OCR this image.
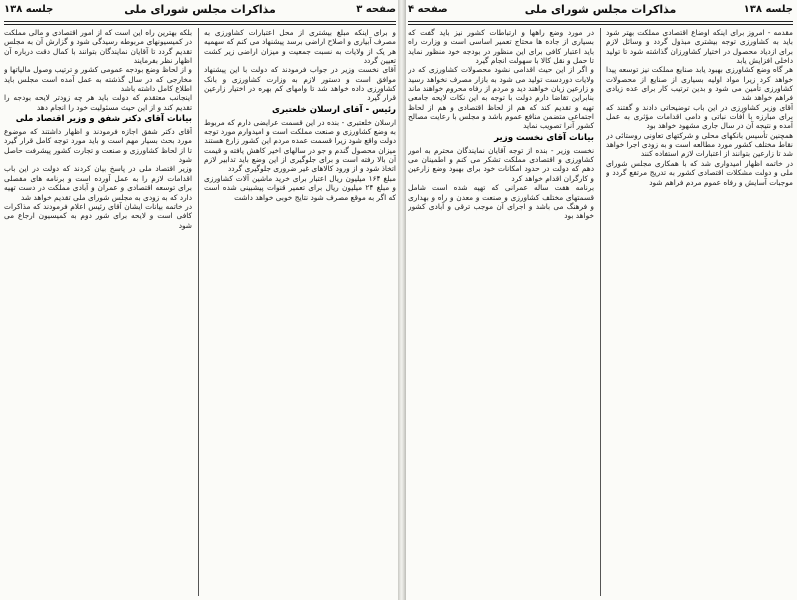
جلسه ۱۳۸	مذاکرات مجلس شورای ملی	صفحه ۳

بلکه بهترین راه این است که از امور اقتصادی و مالی مملکت در کمیسیونهای مربوطه رسیدگی شود و گزارش آن به مجلس تقدیم گردد تا آقایان نمایندگان بتوانند با کمال دقت درباره آن اظهار نظر بفرمایند

و از لحاظ وضع بودجه عمومی کشور و ترتیب وصول مالیاتها و مخارجی که در سال گذشته به عمل آمده است مجلس باید اطلاع کامل داشته باشد

اینجانب معتقدم که دولت باید هر چه زودتر لایحه بودجه را تقدیم کند و از این حیث مسئولیت خود را انجام دهد

بیانات آقای دکتر شفق و وزیر اقتصاد ملی

آقای دکتر شفق اجازه فرمودند و اظهار داشتند که موضوع مورد بحث بسیار مهم است و باید مورد توجه کامل قرار گیرد تا از لحاظ کشاورزی و صنعت و تجارت کشور پیشرفت حاصل شود

وزیر اقتصاد ملی در پاسخ بیان کردند که دولت در این باب اقدامات لازم را به عمل آورده است و برنامه های مفصلی برای توسعه اقتصادی و عمران و آبادی مملکت در دست تهیه دارد که به زودی به مجلس شورای ملی تقدیم خواهد شد

در خاتمه بیانات ایشان آقای رئیس اعلام فرمودند که مذاکرات کافی است و لایحه برای شور دوم به کمیسیون ارجاع می شود

و برای اینکه مبلغ بیشتری از محل اعتبارات کشاورزی به مصرف آبیاری و اصلاح اراضی برسد پیشنهاد می کنم که سهمیه هر یک از ولایات به نسبت جمعیت و میزان اراضی زیر کشت تعیین گردد

آقای نخست وزیر در جواب فرمودند که دولت با این پیشنهاد موافق است و دستور لازم به وزارت کشاورزی و بانک کشاورزی داده خواهد شد تا وامهای کم بهره در اختیار زارعین قرار گیرد

رئیس - آقای ارسلان خلعتبری

ارسلان خلعتبری - بنده در این قسمت عرایضی دارم که مربوط به وضع کشاورزی و صنعت مملکت است و امیدوارم مورد توجه دولت واقع شود زیرا قسمت عمده مردم این کشور زارع هستند

میزان محصول گندم و جو در سالهای اخیر کاهش یافته و قیمت آن بالا رفته است و برای جلوگیری از این وضع باید تدابیر لازم اتخاذ شود و از ورود کالاهای غیر ضروری جلوگیری گردد

مبلغ ۱۶۴ میلیون ریال اعتبار برای خرید ماشین آلات کشاورزی و مبلغ ۲۴ میلیون ریال برای تعمیر قنوات پیشبینی شده است که اگر به موقع مصرف شود نتایج خوبی خواهد داشت

صفحه ۴	مذاکرات مجلس شورای ملی	جلسه ۱۳۸

در مورد وضع راهها و ارتباطات کشور نیز باید گفت که بسیاری از جاده ها محتاج تعمیر اساسی است و وزارت راه باید اعتبار کافی برای این منظور در بودجه خود منظور نماید تا حمل و نقل کالا با سهولت انجام گیرد

و اگر از این حیث اقدامی نشود محصولات کشاورزی که در ولایات دوردست تولید می شود به بازار مصرف نخواهد رسید و زارعین زیان خواهند دید و مردم از رفاه محروم خواهند ماند

بنابراین تقاضا دارم دولت با توجه به این نکات لایحه جامعی تهیه و تقدیم کند که هم از لحاظ اقتصادی و هم از لحاظ اجتماعی متضمن منافع عموم باشد و مجلس با رعایت مصالح کشور آنرا تصویب نماید

بیانات آقای نخست وزیر

نخست وزیر - بنده از توجه آقایان نمایندگان محترم به امور کشاورزی و اقتصادی مملکت تشکر می کنم و اطمینان می دهم که دولت در حدود امکانات خود برای بهبود وضع زارعین و کارگران اقدام خواهد کرد

برنامه هفت ساله عمرانی که تهیه شده است شامل قسمتهای مختلف کشاورزی و صنعت و معدن و راه و بهداری و فرهنگ می باشد و اجرای آن موجب ترقی و آبادی کشور خواهد بود

مقدمه - امروز برای اینکه اوضاع اقتصادی مملکت بهتر شود باید به کشاورزی توجه بیشتری مبذول گردد و وسائل لازم برای ازدیاد محصول در اختیار کشاورزان گذاشته شود تا تولید داخلی افزایش یابد

هر گاه وضع کشاورزی بهبود یابد صنایع مملکت نیز توسعه پیدا خواهد کرد زیرا مواد اولیه بسیاری از صنایع از محصولات کشاورزی تأمین می شود و بدین ترتیب کار برای عده زیادی فراهم خواهد شد

آقای وزیر کشاورزی در این باب توضیحاتی دادند و گفتند که برای مبارزه با آفات نباتی و دامی اقدامات مؤثری به عمل آمده و نتیجه آن در سال جاری مشهود خواهد بود

همچنین تأسیس بانکهای محلی و شرکتهای تعاونی روستائی در نقاط مختلف کشور مورد مطالعه است و به زودی اجرا خواهد شد تا زارعین بتوانند از اعتبارات لازم استفاده کنند

در خاتمه اظهار امیدواری شد که با همکاری مجلس شورای ملی و دولت مشکلات اقتصادی کشور به تدریج مرتفع گردد و موجبات آسایش و رفاه عموم مردم فراهم شود
